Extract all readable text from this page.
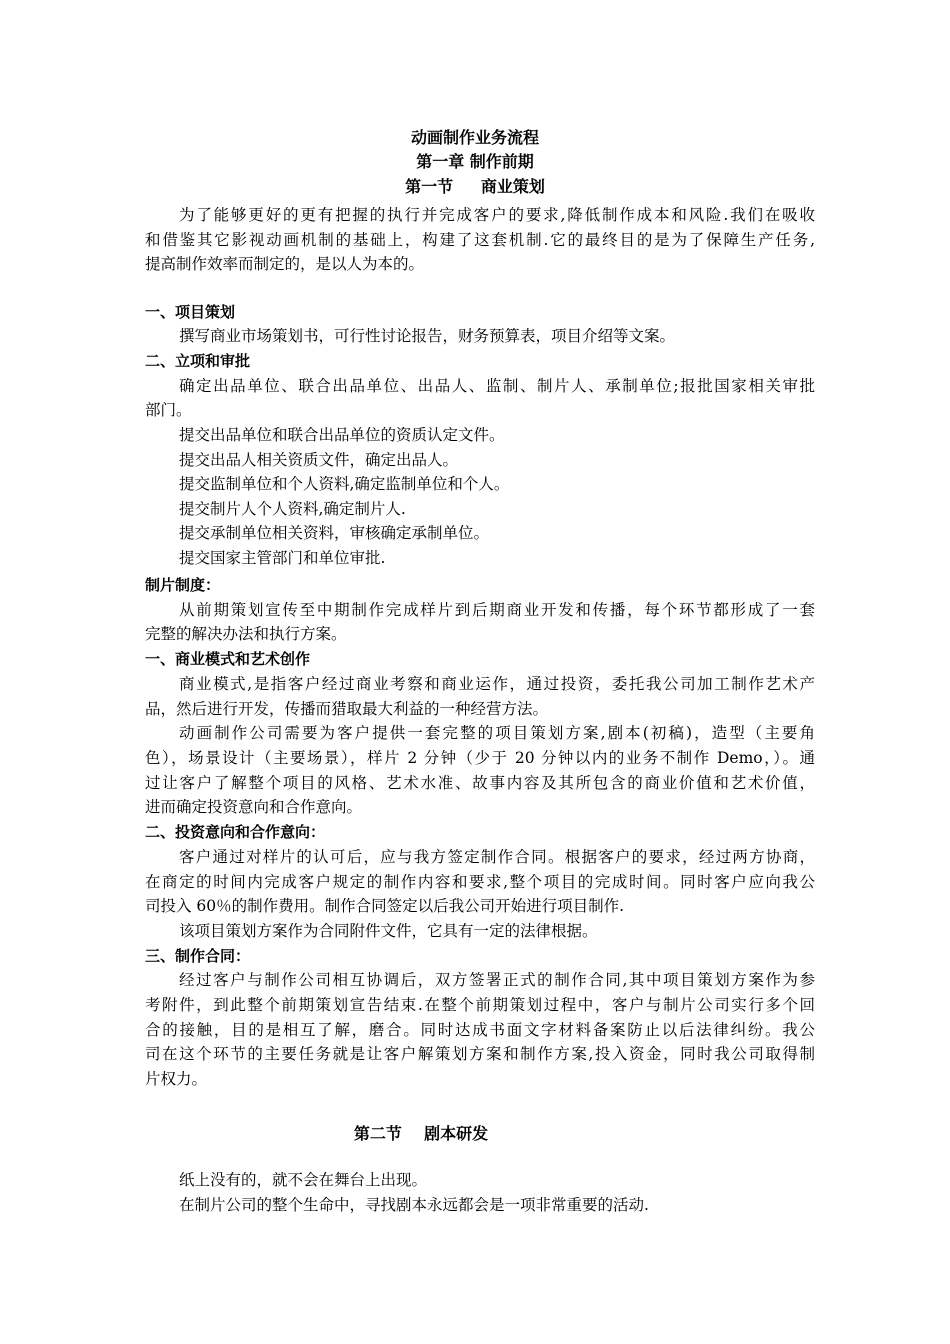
动画制作业务流程
第一章 制作前期
第一节     商业策划
为了能够更好的更有把握的执行并完成客户的要求,降低制作成本和风险.我们在吸收
和借鉴其它影视动画机制的基础上，构建了这套机制.它的最终目的是为了保障生产任务,
提高制作效率而制定的，是以人为本的。
一、项目策划
撰写商业市场策划书，可行性讨论报告，财务预算表，项目介绍等文案。
二、立项和审批
确定出品单位、联合出品单位、出品人、监制、制片人、承制单位;报批国家相关审批
部门。
提交出品单位和联合出品单位的资质认定文件。
提交出品人相关资质文件，确定出品人。
提交监制单位和个人资料,确定监制单位和个人。
提交制片人个人资料,确定制片人.
提交承制单位相关资料，审核确定承制单位。
提交国家主管部门和单位审批.
制片制度：
从前期策划宣传至中期制作完成样片到后期商业开发和传播，每个环节都形成了一套
完整的解决办法和执行方案。
一、商业模式和艺术创作
商业模式,是指客户经过商业考察和商业运作，通过投资，委托我公司加工制作艺术产
品，然后进行开发，传播而猎取最大利益的一种经营方法。
动画制作公司需要为客户提供一套完整的项目策划方案,剧本(初稿)，造型（主要角
色），场景设计（主要场景），样片 2 分钟（少于 20 分钟以内的业务不制作 Demo，）。通
过让客户了解整个项目的风格、艺术水准、故事内容及其所包含的商业价值和艺术价值，
进而确定投资意向和合作意向。
二、投资意向和合作意向：
客户通过对样片的认可后，应与我方签定制作合同。根据客户的要求，经过两方协商，
在商定的时间内完成客户规定的制作内容和要求,整个项目的完成时间。同时客户应向我公
司投入 60％的制作费用。制作合同签定以后我公司开始进行项目制作.
该项目策划方案作为合同附件文件，它具有一定的法律根据。
三、制作合同：
经过客户与制作公司相互协调后，双方签署正式的制作合同,其中项目策划方案作为参
考附件，到此整个前期策划宣告结束.在整个前期策划过程中，客户与制片公司实行多个回
合的接触，目的是相互了解，磨合。同时达成书面文字材料备案防止以后法律纠纷。我公
司在这个环节的主要任务就是让客户解策划方案和制作方案,投入资金，同时我公司取得制
片权力。
第二节    剧本研发
纸上没有的，就不会在舞台上出现。
在制片公司的整个生命中，寻找剧本永远都会是一项非常重要的活动.
